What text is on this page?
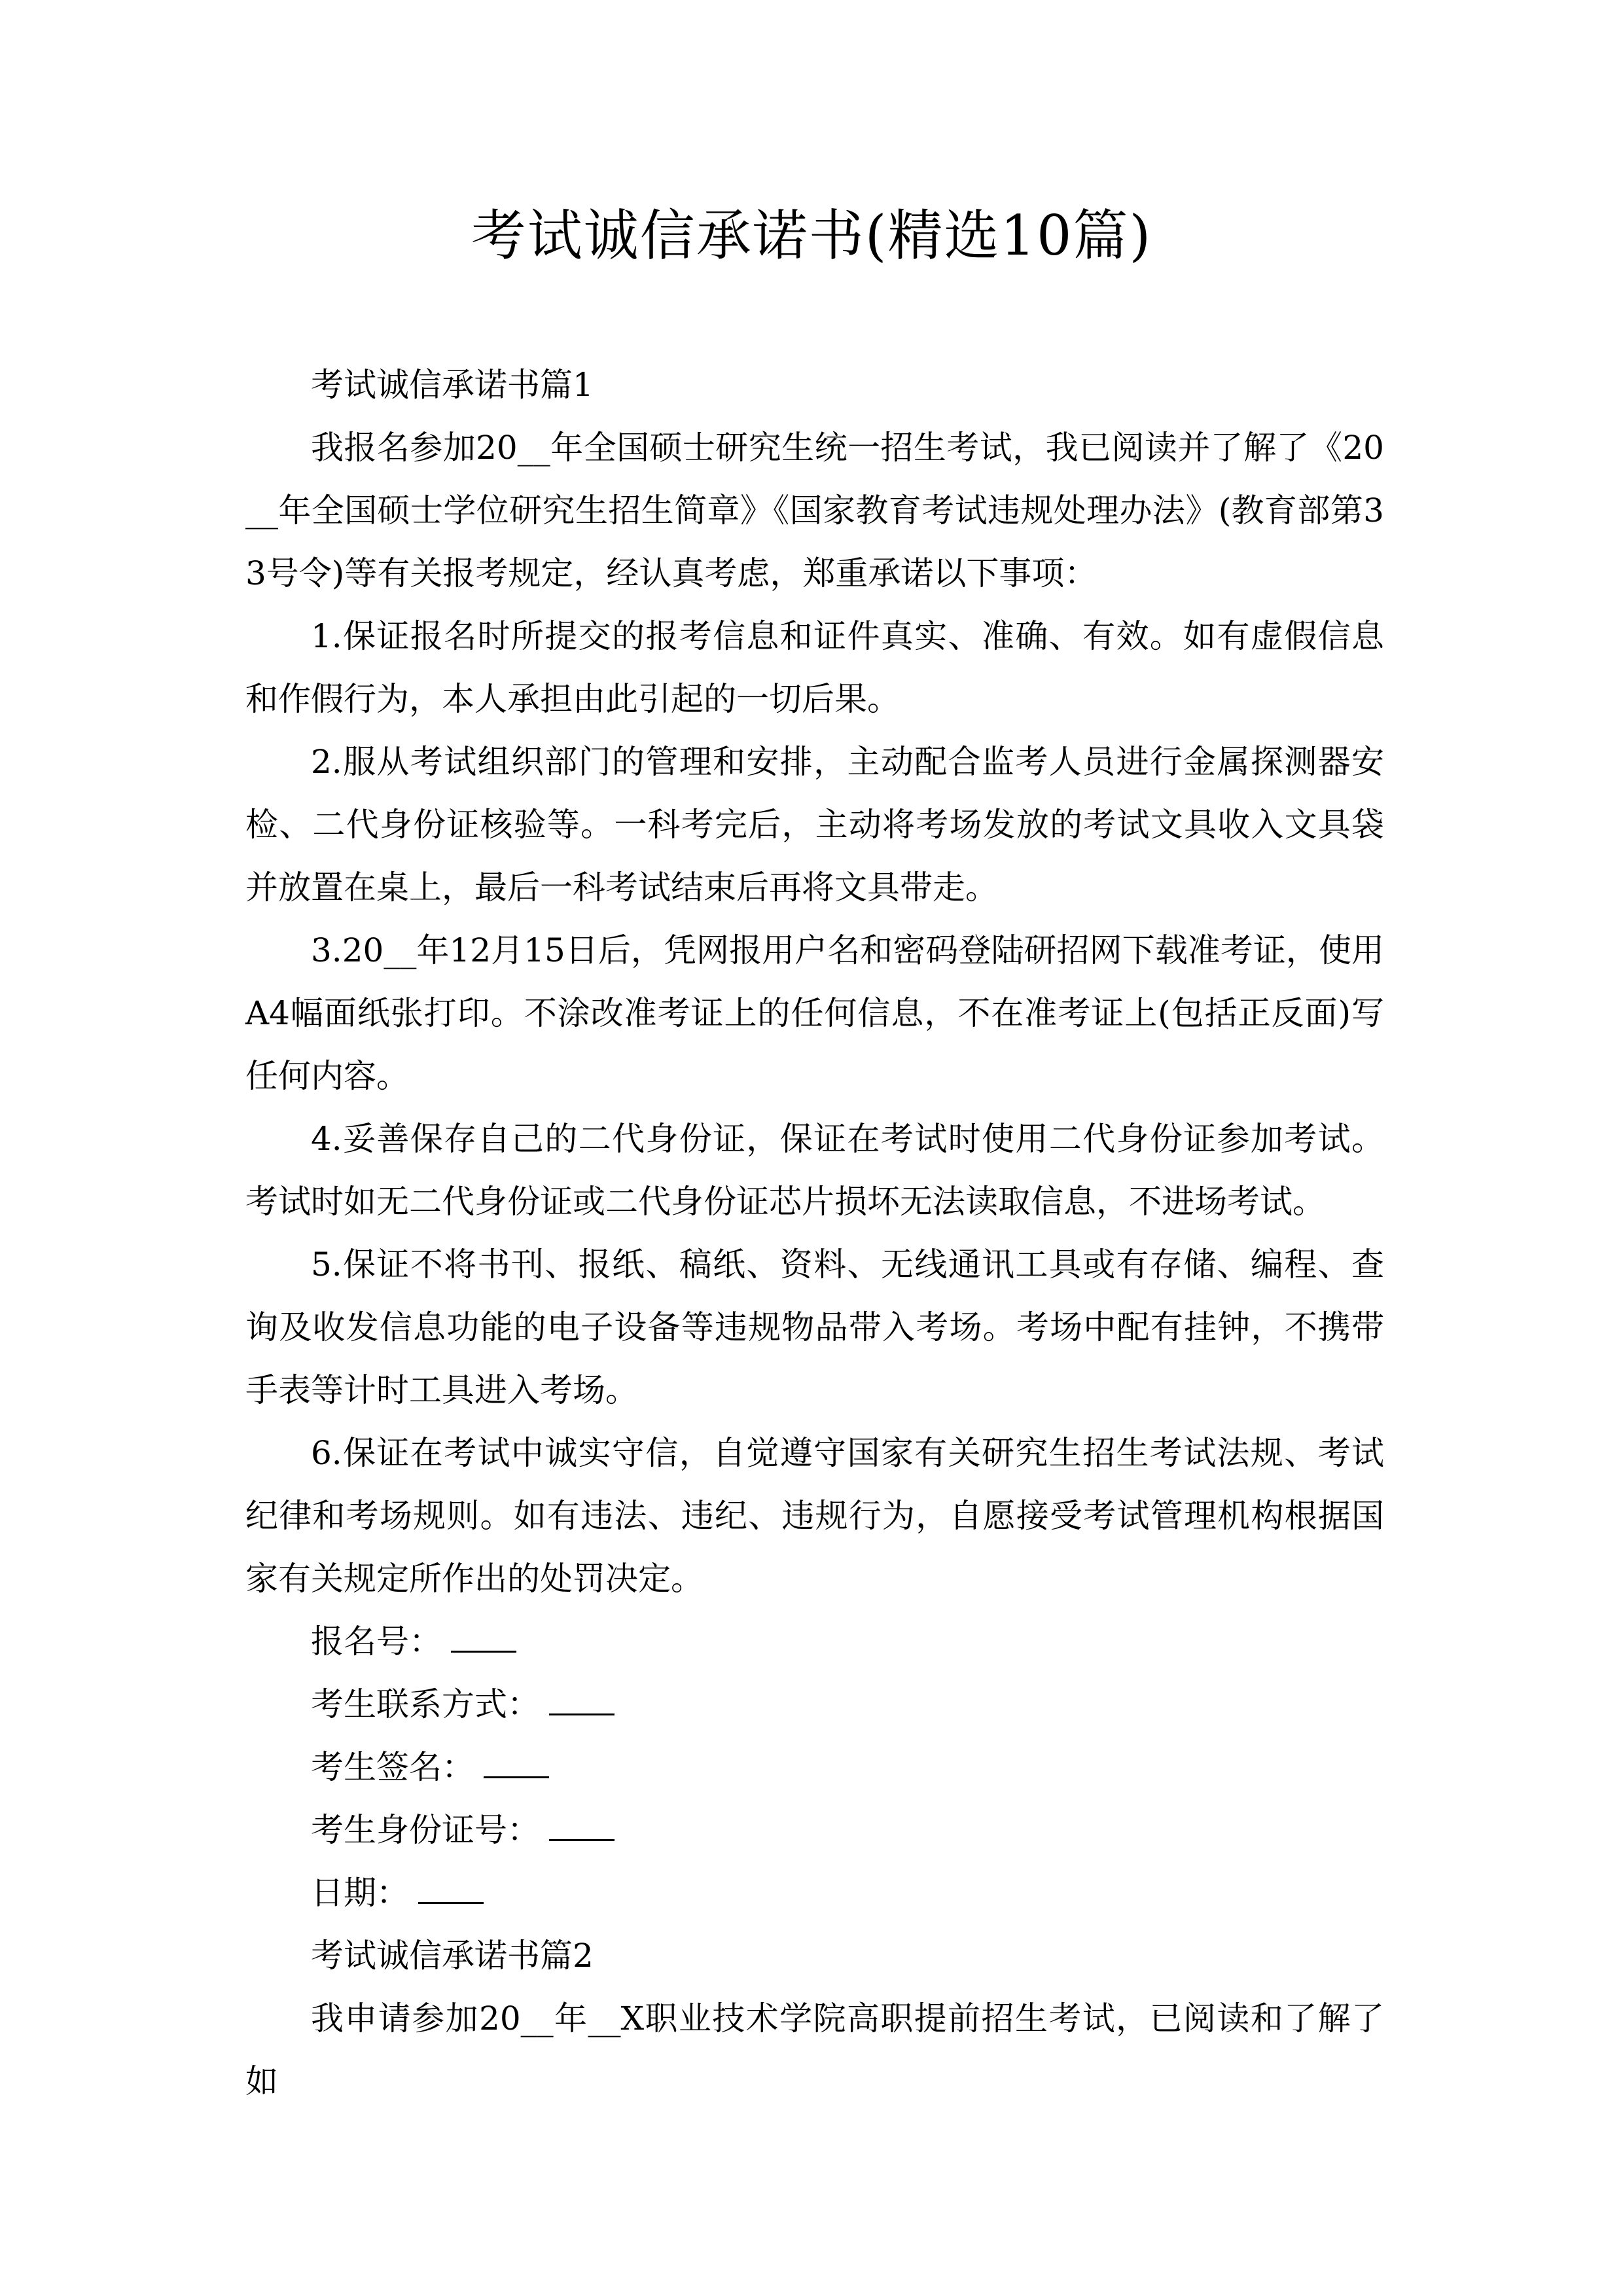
考试诚信承诺书(精选10篇)

考试诚信承诺书篇1

我报名参加20__年全国硕士研究生统一招生考试，我已阅读并了解了《20__年全国硕士学位研究生招生简章》《国家教育考试违规处理办法》(教育部第33号令)等有关报考规定，经认真考虑，郑重承诺以下事项：

1.保证报名时所提交的报考信息和证件真实、准确、有效。如有虚假信息和作假行为，本人承担由此引起的一切后果。

2.服从考试组织部门的管理和安排，主动配合监考人员进行金属探测器安检、二代身份证核验等。一科考完后，主动将考场发放的考试文具收入文具袋并放置在桌上，最后一科考试结束后再将文具带走。

3.20__年12月15日后，凭网报用户名和密码登陆研招网下载准考证，使用A4幅面纸张打印。不涂改准考证上的任何信息，不在准考证上(包括正反面)写任何内容。

4.妥善保存自己的二代身份证，保证在考试时使用二代身份证参加考试。考试时如无二代身份证或二代身份证芯片损坏无法读取信息，不进场考试。

5.保证不将书刊、报纸、稿纸、资料、无线通讯工具或有存储、编程、查询及收发信息功能的电子设备等违规物品带入考场。考场中配有挂钟，不携带手表等计时工具进入考场。

6.保证在考试中诚实守信，自觉遵守国家有关研究生招生考试法规、考试纪律和考场规则。如有违法、违纪、违规行为，自愿接受考试管理机构根据国家有关规定所作出的处罚决定。

报名号：

考生联系方式：

考生签名：

考生身份证号：

日期：

考试诚信承诺书篇2

我申请参加20__年__X职业技术学院高职提前招生考试，已阅读和了解了如
